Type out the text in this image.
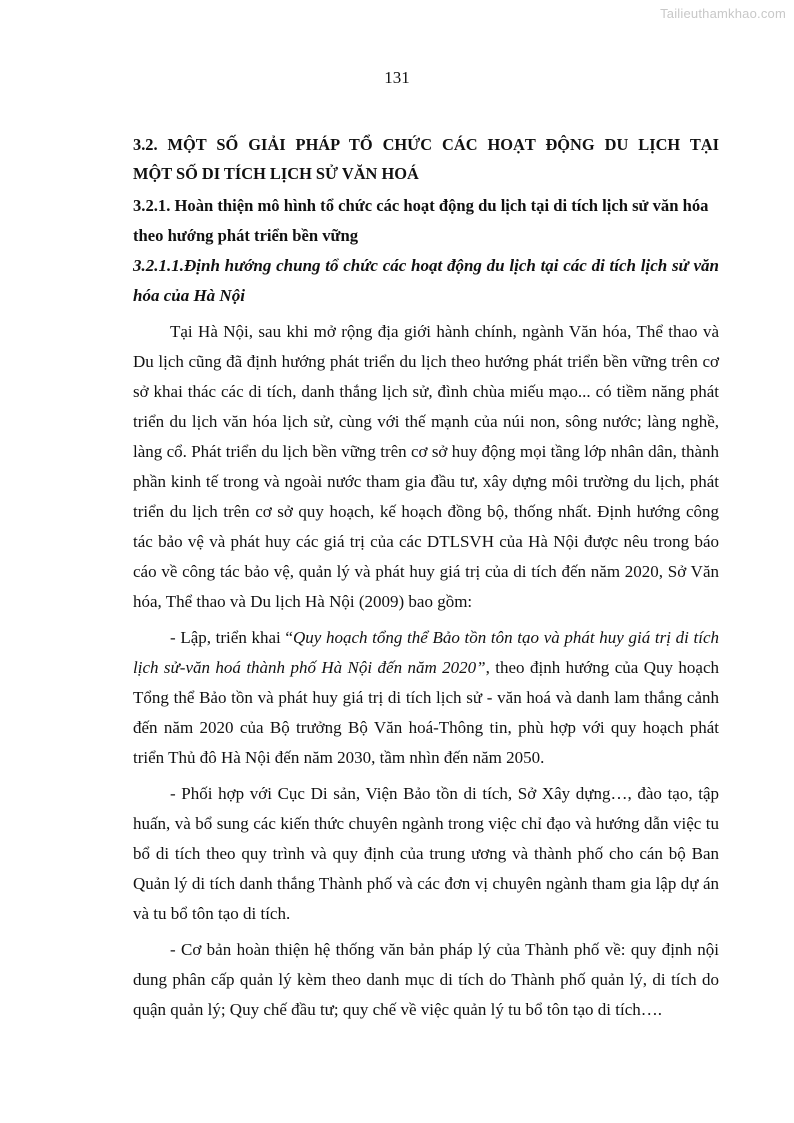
Tailieuthamkhao.com
131
3.2. MỘT SỐ GIẢI PHÁP TỔ CHỨC CÁC HOẠT ĐỘNG DU LỊCH TẠI
MỘT SỐ DI TÍCH LỊCH SỬ VĂN HOÁ
3.2.1. Hoàn thiện mô hình tổ chức các hoạt động du lịch tại di tích lịch sử văn hóa theo hướng phát triển bền vững
3.2.1.1.Định hướng chung tổ chức các hoạt động du lịch tại các di tích lịch sử văn hóa của Hà Nội

Tại Hà Nội, sau khi mở rộng địa giới hành chính, ngành Văn hóa, Thể thao và Du lịch cũng đã định hướng phát triển du lịch theo hướng phát triển bền vững trên cơ sở khai thác các di tích, danh thắng lịch sử, đình chùa miếu mạo... có tiềm năng phát triển du lịch văn hóa lịch sử, cùng với thế mạnh của núi non, sông nước; làng nghề, làng cổ. Phát triển du lịch bền vững trên cơ sở huy động mọi tầng lớp nhân dân, thành phần kinh tế trong và ngoài nước tham gia đầu tư, xây dựng môi trường du lịch, phát triển du lịch trên cơ sở quy hoạch, kế hoạch đồng bộ, thống nhất. Định hướng công tác bảo vệ và phát huy các giá trị của các DTLSVH của Hà Nội được nêu trong báo cáo về công tác bảo vệ, quản lý và phát huy giá trị của di tích đến năm 2020, Sở Văn hóa, Thể thao và Du lịch Hà Nội (2009) bao gồm:

- Lập, triển khai “Quy hoạch tổng thể Bảo tồn tôn tạo và phát huy giá trị di tích lịch sử-văn hoá thành phố Hà Nội đến năm 2020”, theo định hướng của Quy hoạch Tổng thể Bảo tồn và phát huy giá trị di tích lịch sử - văn hoá và danh lam thắng cảnh đến năm 2020 của Bộ trưởng Bộ Văn hoá-Thông tin, phù hợp với quy hoạch phát triển Thủ đô Hà Nội đến năm 2030, tầm nhìn đến năm 2050.

- Phối hợp với Cục Di sản, Viện Bảo tồn di tích, Sở Xây dựng…, đào tạo, tập huấn, và bổ sung các kiến thức chuyên ngành trong việc chỉ đạo và hướng dẫn việc tu bổ di tích theo quy trình và quy định của trung ương và thành phố cho cán bộ Ban Quản lý di tích danh thắng Thành phố và các đơn vị chuyên ngành tham gia lập dự án và tu bổ tôn tạo di tích.

- Cơ bản hoàn thiện hệ thống văn bản pháp lý của Thành phố về: quy định nội dung phân cấp quản lý kèm theo danh mục di tích do Thành phố quản lý, di tích do quận quản lý; Quy chế đầu tư; quy chế về việc quản lý tu bổ tôn tạo di tích….
